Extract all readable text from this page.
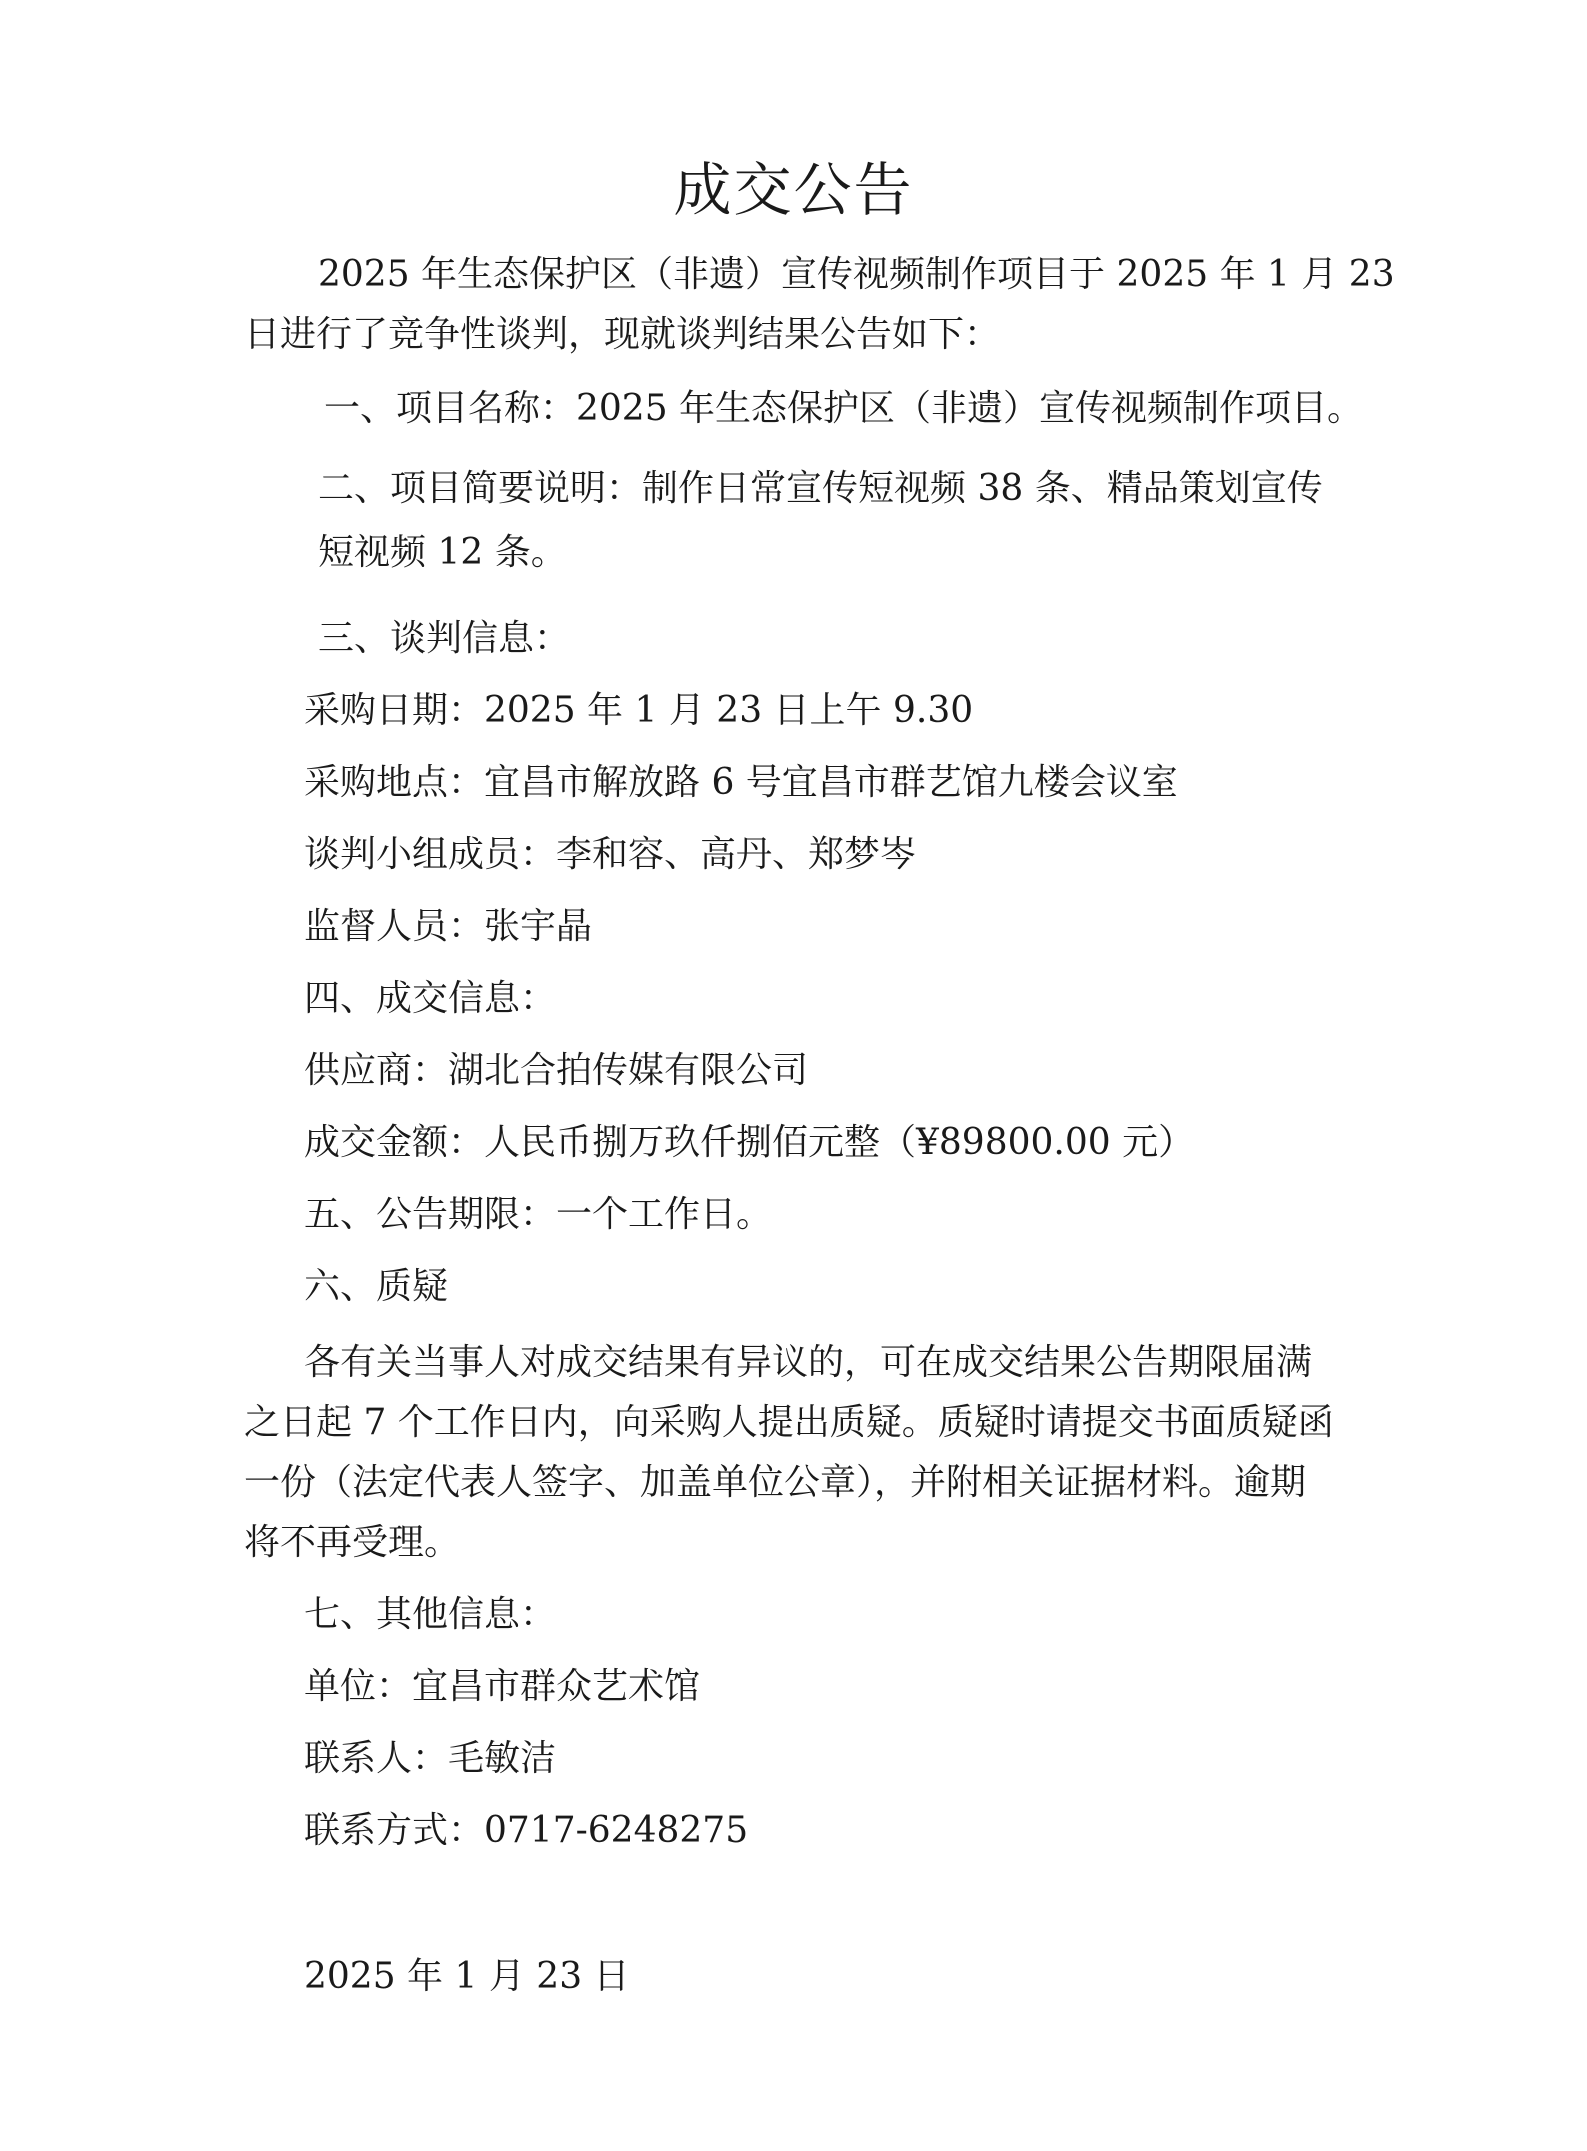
成交公告
2025 年生态保护区（非遗）宣传视频制作项目于 2025 年 1 月 23
日进行了竞争性谈判，现就谈判结果公告如下：
一、项目名称：2025 年生态保护区（非遗）宣传视频制作项目。
二、项目简要说明：制作日常宣传短视频 38 条、精品策划宣传
短视频 12 条。
三、谈判信息：
采购日期：2025 年 1 月 23 日上午 9.30
采购地点：宜昌市解放路 6 号宜昌市群艺馆九楼会议室
谈判小组成员：李和容、高丹、郑梦岑
监督人员：张宇晶
四、成交信息：
供应商：湖北合拍传媒有限公司
成交金额：人民币捌万玖仟捌佰元整（¥89800.00 元）
五、公告期限：一个工作日。
六、质疑
各有关当事人对成交结果有异议的，可在成交结果公告期限届满
之日起 7 个工作日内，向采购人提出质疑。质疑时请提交书面质疑函
一份（法定代表人签字、加盖单位公章），并附相关证据材料。逾期
将不再受理。
七、其他信息：
单位：宜昌市群众艺术馆
联系人：毛敏洁
联系方式：0717-6248275
2025 年 1 月 23 日
